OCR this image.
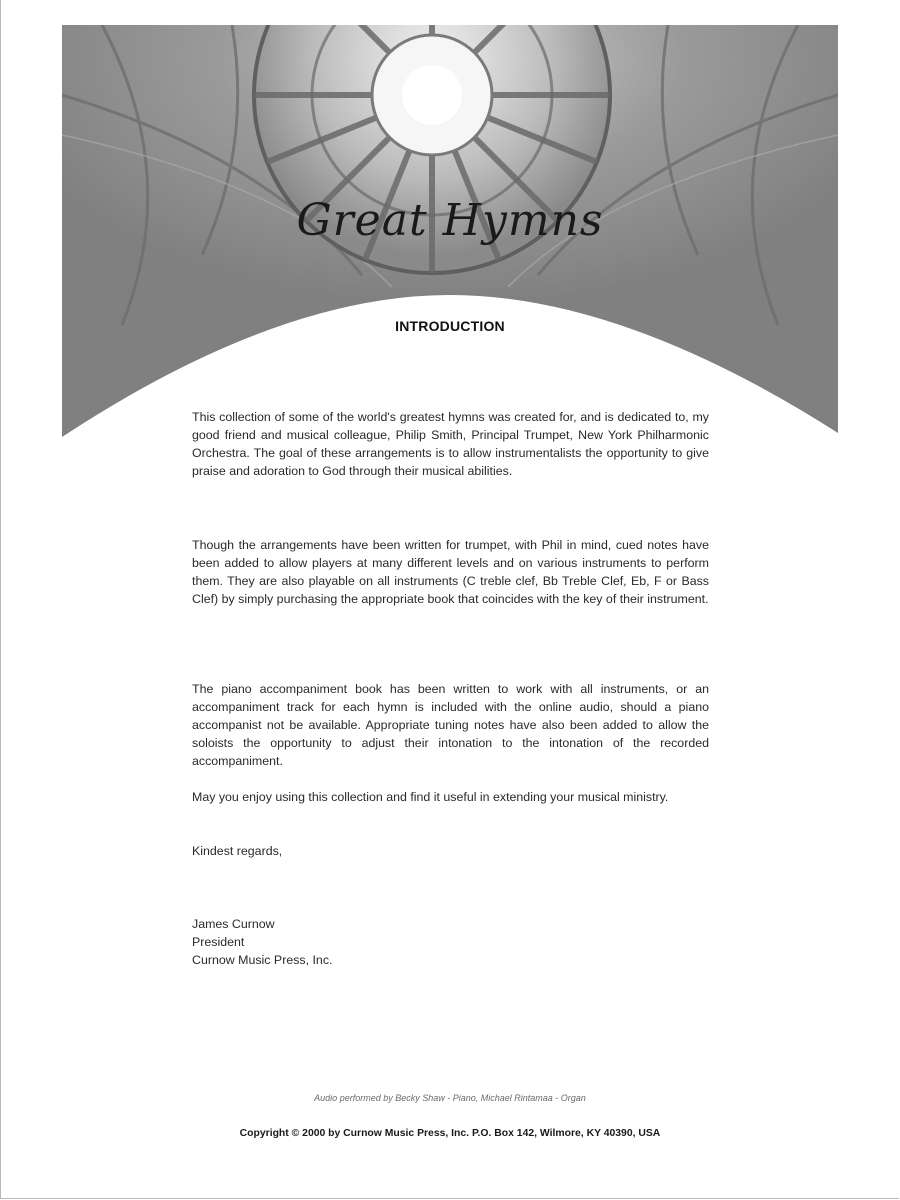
Great Hymns
INTRODUCTION

This collection of some of the world's greatest hymns was created for, and is dedicated to, my good friend and musical colleague, Philip Smith, Principal Trumpet, New York Philharmonic Orchestra. The goal of these arrangements is to allow instrumentalists the opportunity to give praise and adoration to God through their musical abilities.

Though the arrangements have been written for trumpet, with Phil in mind, cued notes have been added to allow players at many different levels and on various instruments to perform them. They are also playable on all instruments (C treble clef, Bb Treble Clef, Eb, F or Bass Clef) by simply purchasing the appropriate book that coincides with the key of their instrument.

The piano accompaniment book has been written to work with all instruments, or an accompaniment track for each hymn is included with the online audio, should a piano accompanist not be available. Appropriate tuning notes have also been added to allow the soloists the opportunity to adjust their intonation to the intonation of the recorded accompaniment.

May you enjoy using this collection and find it useful in extending your musical ministry.

Kindest regards,

James Curnow
President
Curnow Music Press, Inc.
Audio performed by Becky Shaw - Piano, Michael Rintamaa - Organ
Copyright © 2000 by Curnow Music Press, Inc. P.O. Box 142, Wilmore, KY 40390, USA
